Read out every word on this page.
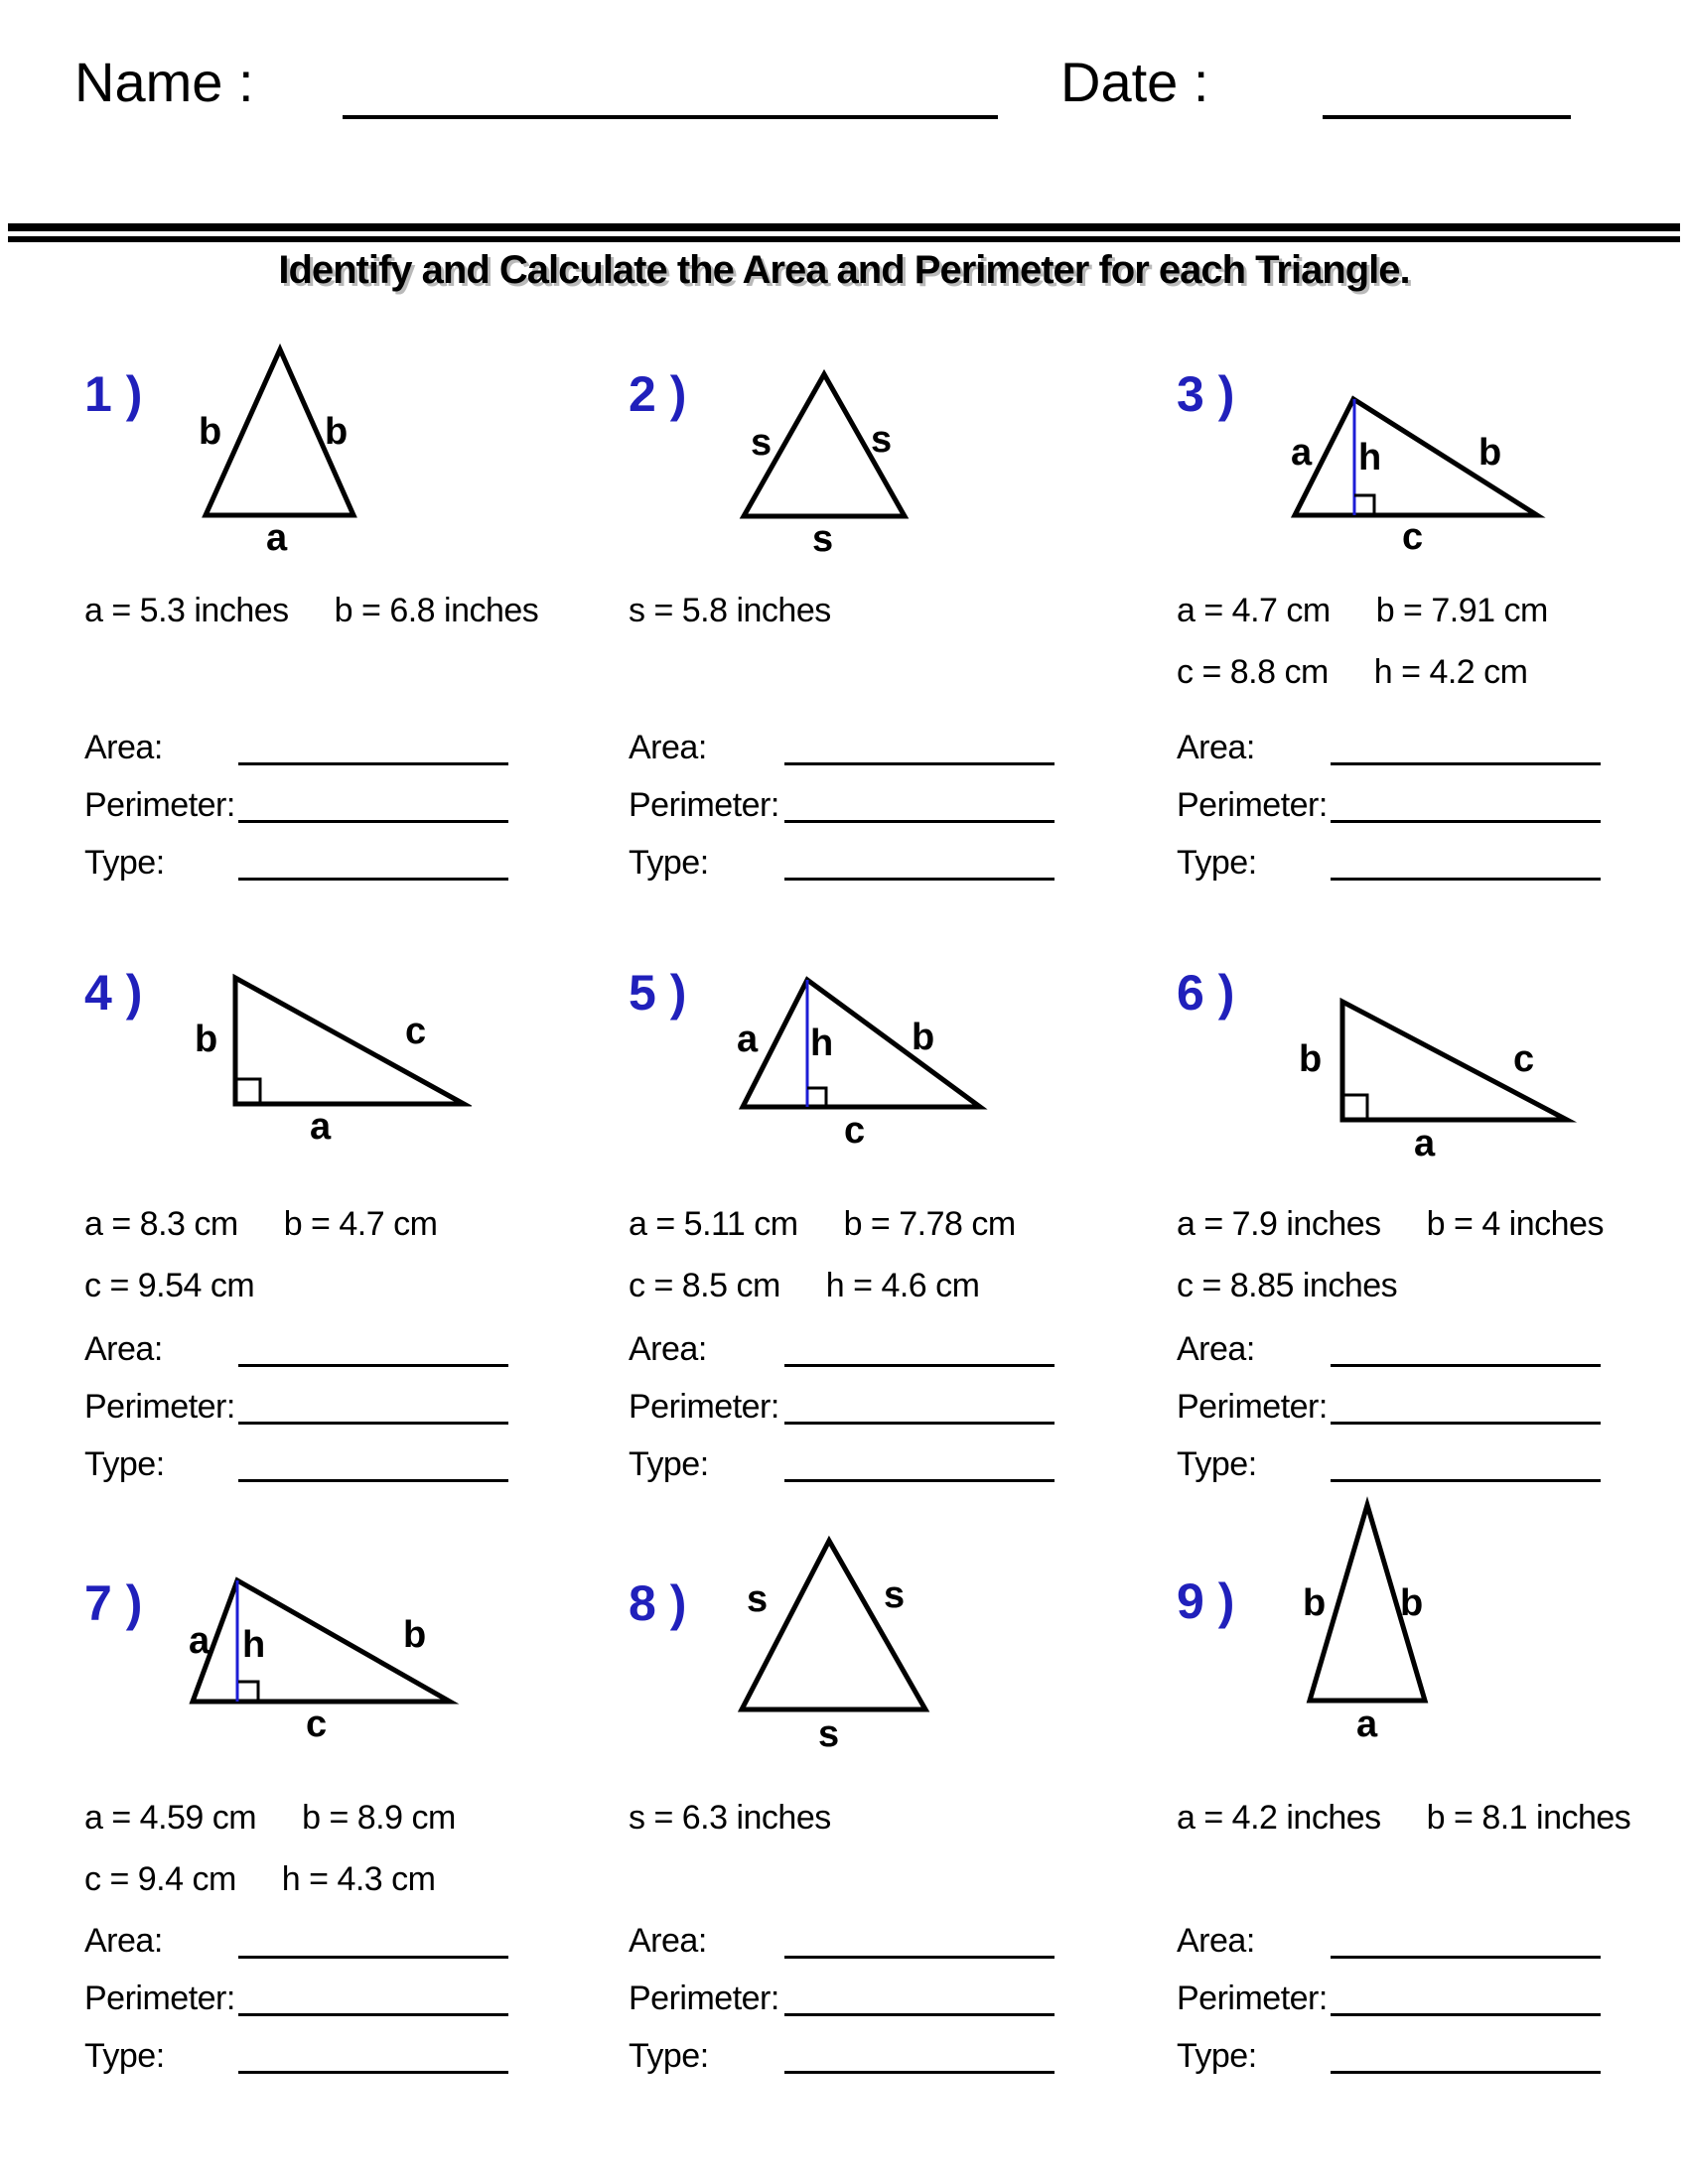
Name :	Date :
Identify and Calculate the Area and Perimeter for each Triangle.
1 )
b	b
a
a = 5.3 inches b = 6.8 inches
Area:
Perimeter:
Type:
2 )
s	s
s
s = 5.8 inches
Area:
Perimeter:
Type:
3 )
a h	b
c
a = 4.7 cm b = 7.91 cm
c = 8.8 cm h = 4.2 cm
Area:
Perimeter:
Type:
4 )
b	c
a
a = 8.3 cm b = 4.7 cm
c = 9.54 cm
Area:
Perimeter:
Type:
5 )
a h b
c
a = 5.11 cm b = 7.78 cm
c = 8.5 cm h = 4.6 cm
Area:
Perimeter:
Type:
6 )
b	c
a
a = 7.9 inches b = 4 inches
c = 8.85 inches
Area:
Perimeter:
Type:
7 )
a h	b
c
a = 4.59 cm b = 8.9 cm
c = 9.4 cm h = 4.3 cm
Area:
Perimeter:
Type:
8 ) s	s
s
s = 6.3 inches
Area:
Perimeter:
Type:
9 ) b b
a
a = 4.2 inches b = 8.1 inches
Area:
Perimeter:
Type:
